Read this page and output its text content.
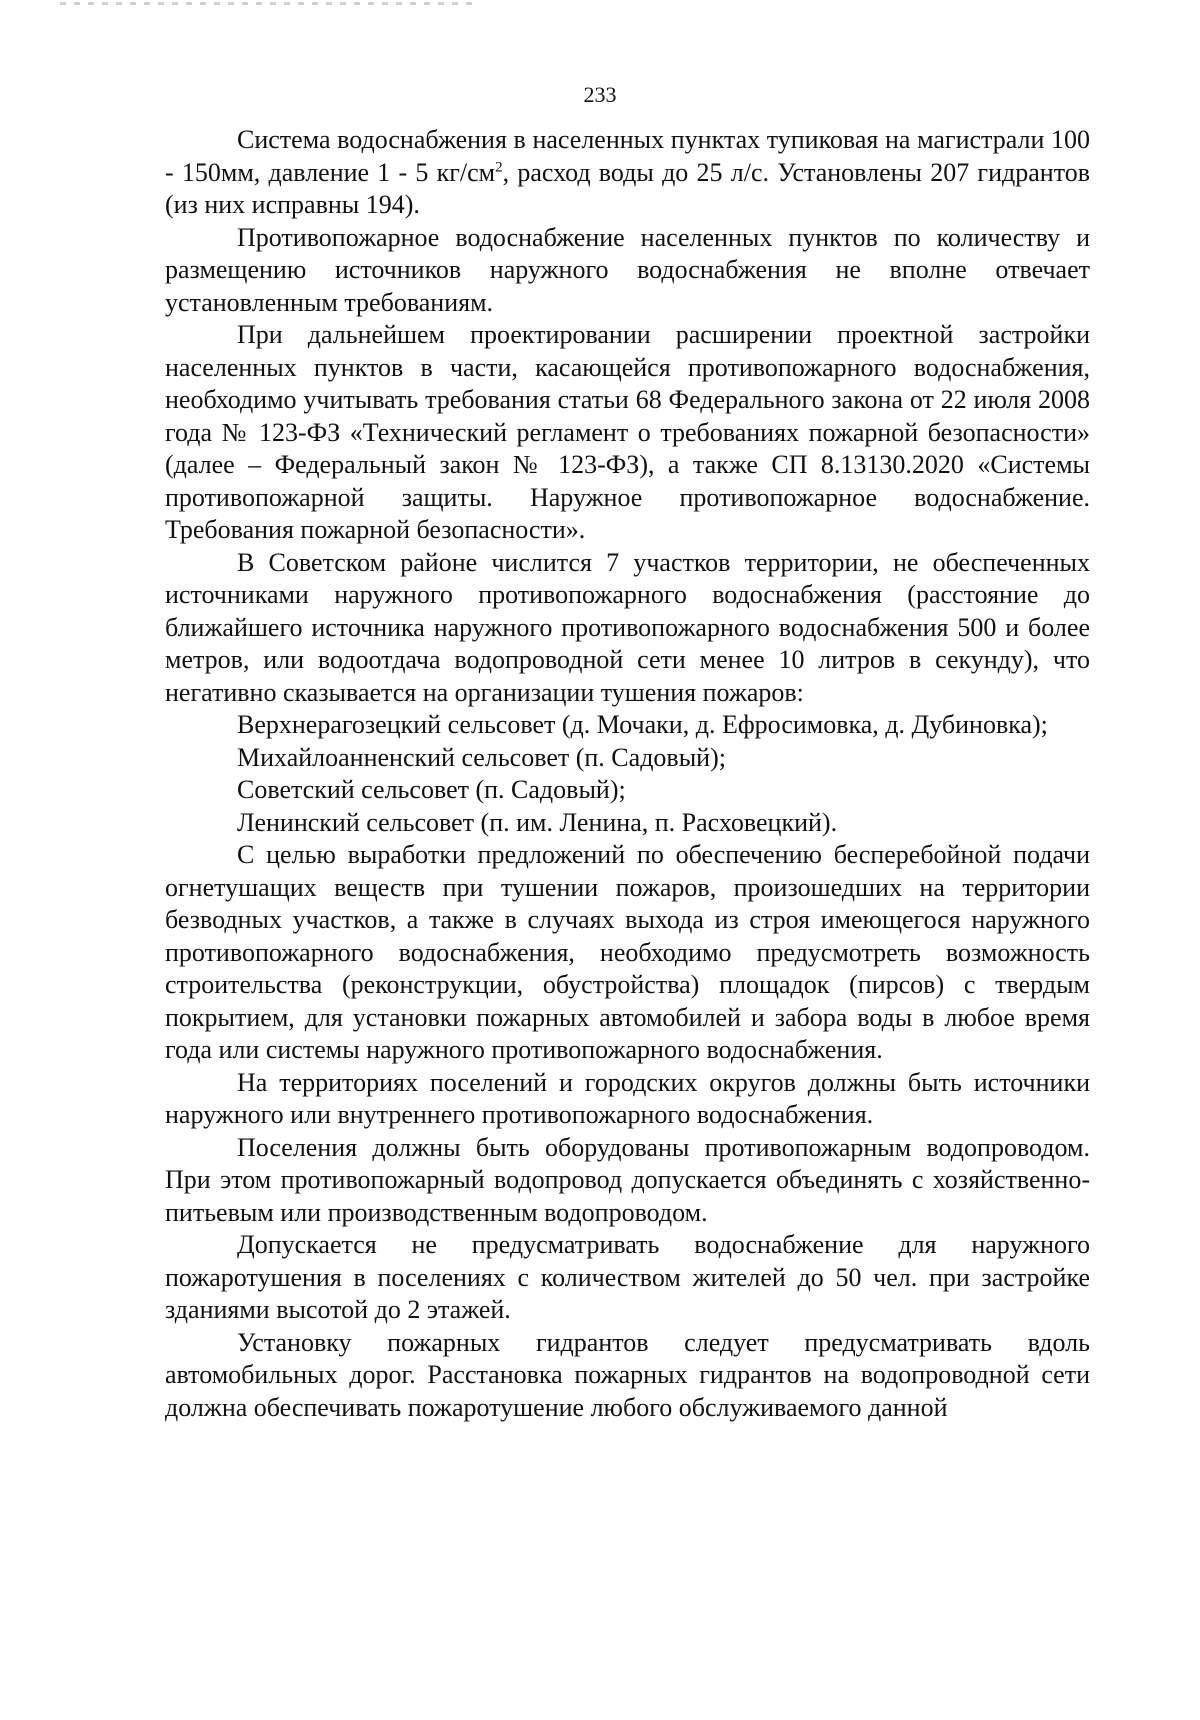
233

Система водоснабжения в населенных пунктах тупиковая на магистрали 100 - 150мм, давление 1 - 5 $кг/см^2$, расход воды до 25 л/с. Установлены 207 гидрантов (из них исправны 194).

Противопожарное водоснабжение населенных пунктов по количеству и размещению источников наружного водоснабжения не вполне отвечает установленным требованиям.

При дальнейшем проектировании расширении проектной застройки населенных пунктов в части, касающейся противопожарного водоснабжения, необходимо учитывать требования статьи 68 Федерального закона от 22 июля 2008 года № 123-ФЗ «Технический регламент о требованиях пожарной безопасности» (далее – Федеральный закон № 123-ФЗ), а также СП 8.13130.2020 «Системы противопожарной защиты. Наружное противопожарное водоснабжение. Требования пожарной безопасности».

В Советском районе числится 7 участков территории, не обеспеченных источниками наружного противопожарного водоснабжения (расстояние до ближайшего источника наружного противопожарного водоснабжения 500 и более метров, или водоотдача водопроводной сети менее 10 литров в секунду), что негативно сказывается на организации тушения пожаров:

Верхнерагозецкий сельсовет (д. Мочаки, д. Ефросимовка, д. Дубиновка);

Михайлоанненский сельсовет (п. Садовый);

Советский сельсовет (п. Садовый);

Ленинский сельсовет (п. им. Ленина, п. Расховецкий).

С целью выработки предложений по обеспечению бесперебойной подачи огнетушащих веществ при тушении пожаров, произошедших на территории безводных участков, а также в случаях выхода из строя имеющегося наружного противопожарного водоснабжения, необходимо предусмотреть возможность строительства (реконструкции, обустройства) площадок (пирсов) с твердым покрытием, для установки пожарных автомобилей и забора воды в любое время года или системы наружного противопожарного водоснабжения.

На территориях поселений и городских округов должны быть источники наружного или внутреннего противопожарного водоснабжения.

Поселения должны быть оборудованы противопожарным водопроводом. При этом противопожарный водопровод допускается объединять с хозяйственно-питьевым или производственным водопроводом.

Допускается не предусматривать водоснабжение для наружного пожаротушения в поселениях с количеством жителей до 50 чел. при застройке зданиями высотой до 2 этажей.

Установку пожарных гидрантов следует предусматривать вдоль автомобильных дорог. Расстановка пожарных гидрантов на водопроводной сети должна обеспечивать пожаротушение любого обслуживаемого данной
